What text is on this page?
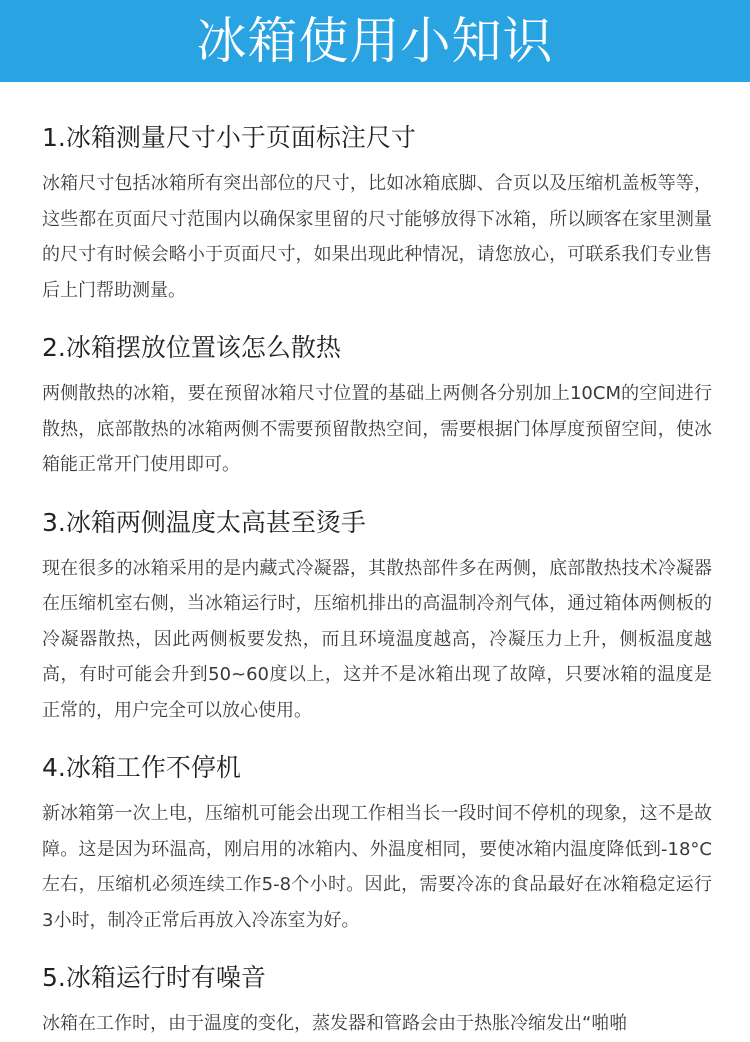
冰箱使用小知识
1.冰箱测量尺寸小于页面标注尺寸

冰箱尺寸包括冰箱所有突出部位的尺寸，比如冰箱底脚、合页以及压缩机盖板等等，这些都在页面尺寸范围内以确保家里留的尺寸能够放得下冰箱，所以顾客在家里测量的尺寸有时候会略小于页面尺寸，如果出现此种情况，请您放心，可联系我们专业售后上门帮助测量。

2.冰箱摆放位置该怎么散热

两侧散热的冰箱，要在预留冰箱尺寸位置的基础上两侧各分别加上10CM的空间进行散热，底部散热的冰箱两侧不需要预留散热空间，需要根据门体厚度预留空间，使冰箱能正常开门使用即可。

3.冰箱两侧温度太高甚至烫手

现在很多的冰箱采用的是内藏式冷凝器，其散热部件多在两侧，底部散热技术冷凝器在压缩机室右侧，当冰箱运行时，压缩机排出的高温制冷剂气体，通过箱体两侧板的冷凝器散热，因此两侧板要发热，而且环境温度越高，冷凝压力上升，侧板温度越高，有时可能会升到50~60度以上，这并不是冰箱出现了故障，只要冰箱的温度是正常的，用户完全可以放心使用。

4.冰箱工作不停机

新冰箱第一次上电，压缩机可能会出现工作相当长一段时间不停机的现象，这不是故障。这是因为环温高，刚启用的冰箱内、外温度相同，要使冰箱内温度降低到-18°C左右，压缩机必须连续工作5-8个小时。因此，需要冷冻的食品最好在冰箱稳定运行3小时，制冷正常后再放入冷冻室为好。

5.冰箱运行时有噪音

冰箱在工作时，由于温度的变化，蒸发器和管路会由于热胀冷缩发出“啪啪
